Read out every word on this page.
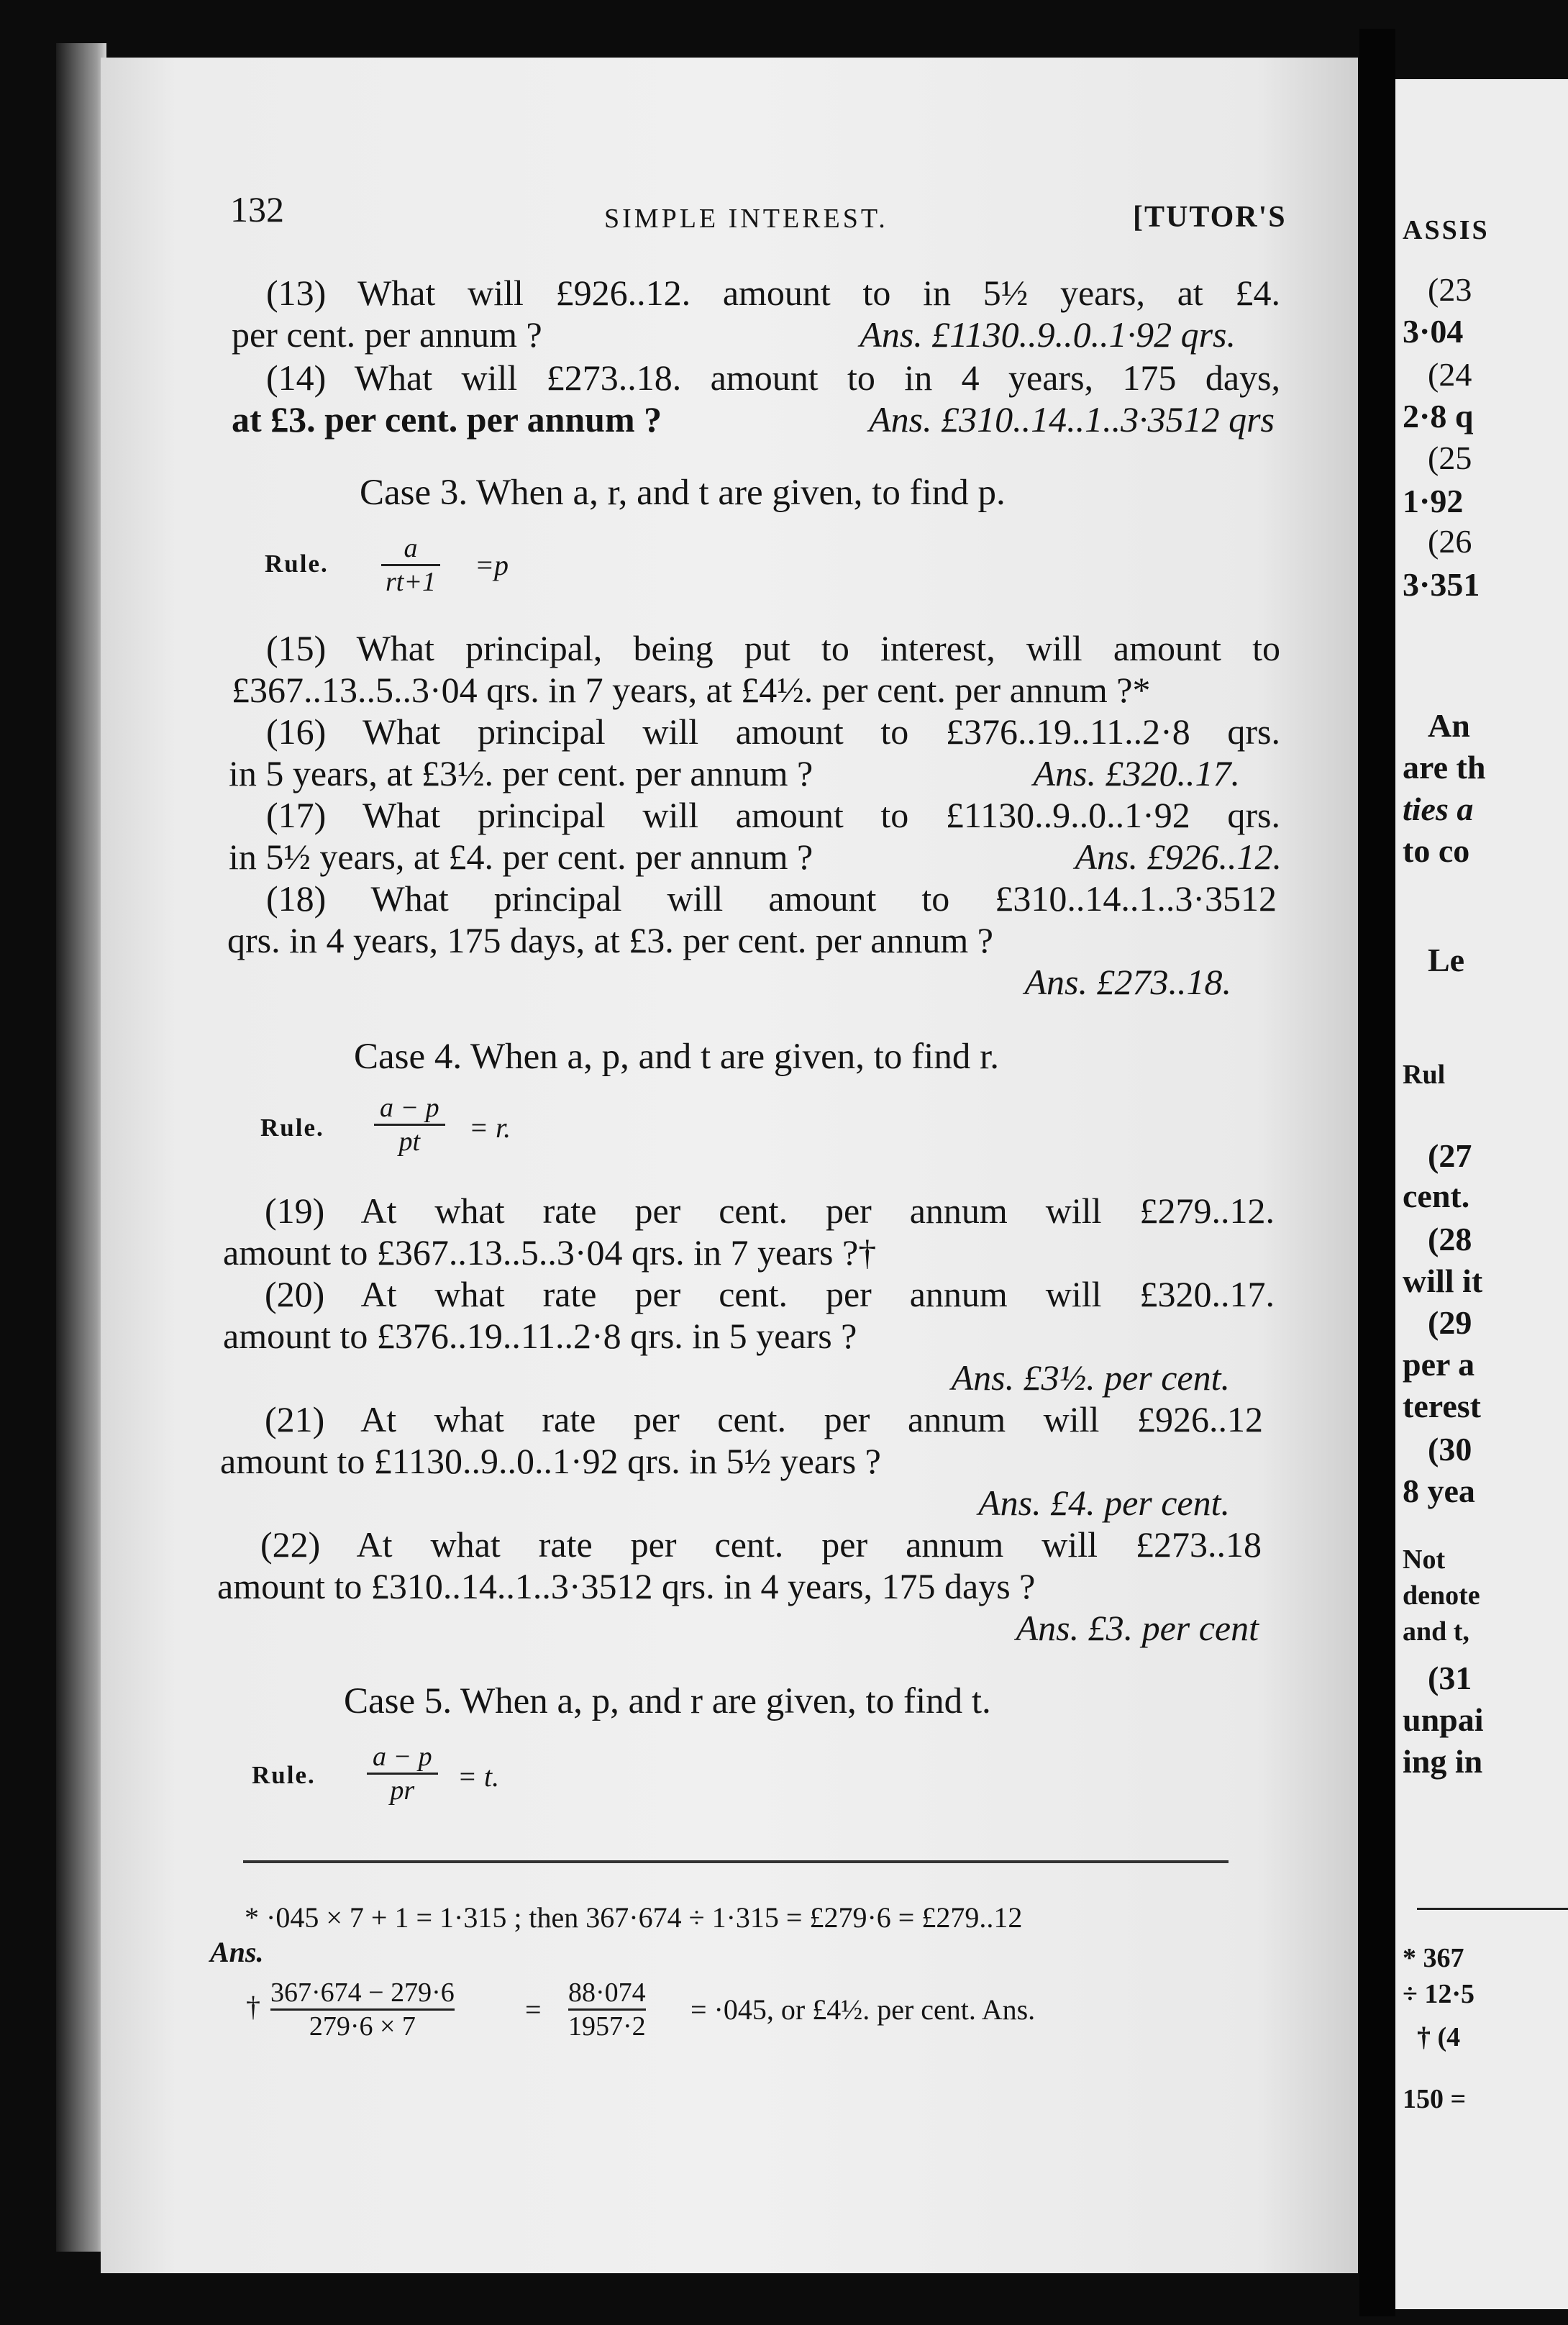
132	SIMPLE INTEREST.	[TUTOR'S
(13) What will £926..12. amount to in 5½ years, at £4.
per cent. per annum ?	Ans. £1130..9..0..1·92 qrs.
(14) What will £273..18. amount to in 4 years, 175 days,
at £3. per cent. per annum ?	Ans. £310..14..1..3·3512 qrs
Case 3. When a, r, and t are given, to find p.
Rule.
a
rt+1
=p
(15) What principal, being put to interest, will amount to
£367..13..5..3·04 qrs. in 7 years, at £4½. per cent. per annum ?*
(16) What principal will amount to £376..19..11..2·8 qrs.
in 5 years, at £3½. per cent. per annum ?	Ans. £320..17.
(17) What principal will amount to £1130..9..0..1·92 qrs.
in 5½ years, at £4. per cent. per annum ?	Ans. £926..12.
(18) What principal will amount to £310..14..1..3·3512
qrs. in 4 years, 175 days, at £3. per cent. per annum ?
Ans. £273..18.
Case 4. When a, p, and t are given, to find r.
Rule.
a − p
pt = r.
(19) At what rate per cent. per annum will £279..12.
amount to £367..13..5..3·04 qrs. in 7 years ?†
(20) At what rate per cent. per annum will £320..17.
amount to £376..19..11..2·8 qrs. in 5 years ?
Ans. £3½. per cent.
(21) At what rate per cent. per annum will £926..12
amount to £1130..9..0..1·92 qrs. in 5½ years ?
Ans. £4. per cent.
(22) At what rate per cent. per annum will £273..18
amount to £310..14..1..3·3512 qrs. in 4 years, 175 days ?
Ans. £3. per cent
Case 5. When a, p, and r are given, to find t.
Rule.
a − p
pr = t.
* ·045 × 7 + 1 = 1·315 ; then 367·674 ÷ 1·315 = £279·6 = £279..12
Ans.
† 367·674 − 279·6
279·6 × 7
=
88·074
1957·2
= ·045, or £4½. per cent. Ans.
ASSIS
(23
3·04
(24
2·8 q
(25
1·92
(26
3·351
An
are th
ties a
to co
Le
Rul
(27
cent.
(28
will it
(29
per a
terest
(30
8 yea
Not
denote
and t,
(31
unpai
ing in
* 367
÷ 12·5
† (4
150 =
